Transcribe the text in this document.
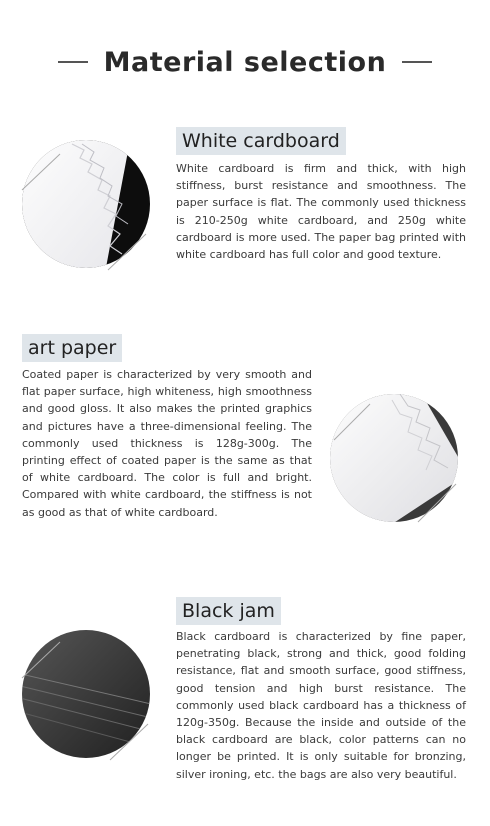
Material selection
White cardboard

White cardboard is firm and thick, with high stiffness, burst resistance and smoothness. The paper surface is flat. The commonly used thickness is 210-250g white cardboard, and 250g white cardboard is more used. The paper bag printed with white cardboard has full color and good texture.

art paper

Coated paper is characterized by very smooth and flat paper surface, high whiteness, high smoothness and good gloss. It also makes the printed graphics and pictures have a three-dimensional feeling. The commonly used thickness is 128g-300g. The printing effect of coated paper is the same as that of white cardboard. The color is full and bright. Compared with white cardboard, the stiffness is not as good as that of white cardboard.

Black jam

Black cardboard is characterized by fine paper, penetrating black, strong and thick, good folding resistance, flat and smooth surface, good stiffness, good tension and high burst resistance. The commonly used black cardboard has a thickness of 120g-350g. Because the inside and outside of the black cardboard are black, color patterns can no longer be printed. It is only suitable for bronzing, silver ironing, etc. the bags are also very beautiful.
